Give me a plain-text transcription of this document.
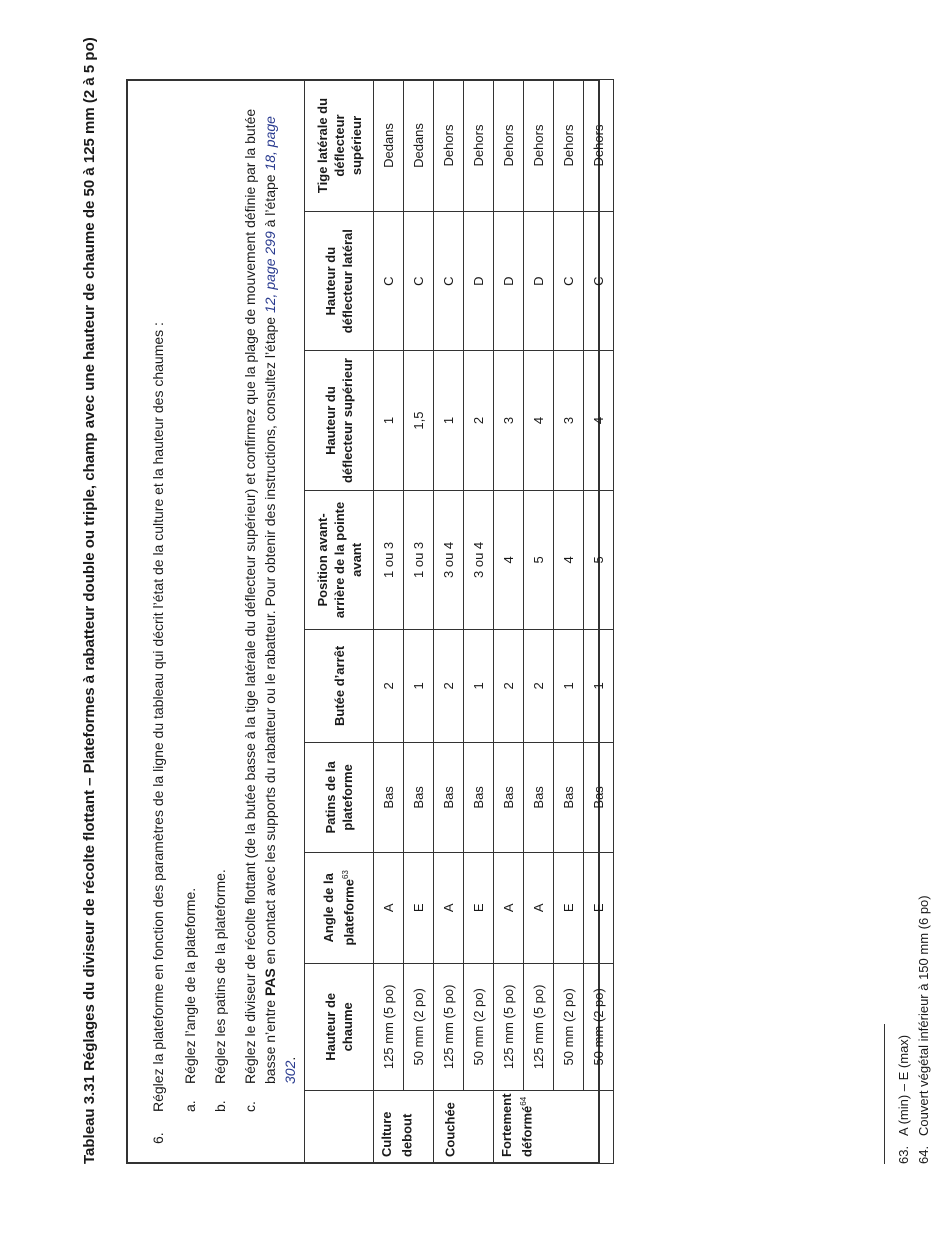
Tableau 3.31 Réglages du diviseur de récolte flottant – Plateformes à rabatteur double ou triple, champ avec une hauteur de chaume de 50 à 125 mm (2 à 5 po)	6.
Réglez la plateforme en fonction des paramètres de la ligne du tableau qui décrit l’état de la culture et la hauteur des chaumes : a.
Réglez l’angle de la plateforme.
b.
Réglez les patins de la plateforme.
c.
Réglez le diviseur de récolte flottant (de la butée basse à la tige latérale du déflecteur supérieur) et confirmez que la plage de mouvement définie par la butée basse n’entre PAS en contact avec les supports du rabatteur ou le rabatteur. Pour obtenir des instructions, consultez l’étape 12, page 299 à l’étape 18, page 302.
	Hauteur de chaume	Angle de la plateforme$^{63}$	Patins de la plateforme	Butée d’arrêt	Position avant-arrière de la pointe avant	Hauteur du déflecteur supérieur	Hauteur du déflecteur latéral	Tige latérale du déflecteur supérieur
Culture debout	125 mm (5 po)	A	Bas	2	1 ou 3	1	C	Dedans
	50 mm (2 po)	E	Bas	1	1 ou 3	1,5	C	Dedans
Couchée	125 mm (5 po)	A	Bas	2	3 ou 4	1	C	Dehors
	50 mm (2 po)	E	Bas	1	3 ou 4	2	D	Dehors
Fortement déformé$^{64}$	125 mm (5 po)	A	Bas	2	4	3	D	Dehors
	125 mm (5 po)	A	Bas	2	5	4	D	Dehors
	50 mm (2 po)	E	Bas	1	4	3	C	Dehors
	50 mm (2 po)	E	Bas	1	5	4	C	Dehors
63.A (min) – E (max)
64.Couvert végétal inférieur à 150 mm (6 po)
